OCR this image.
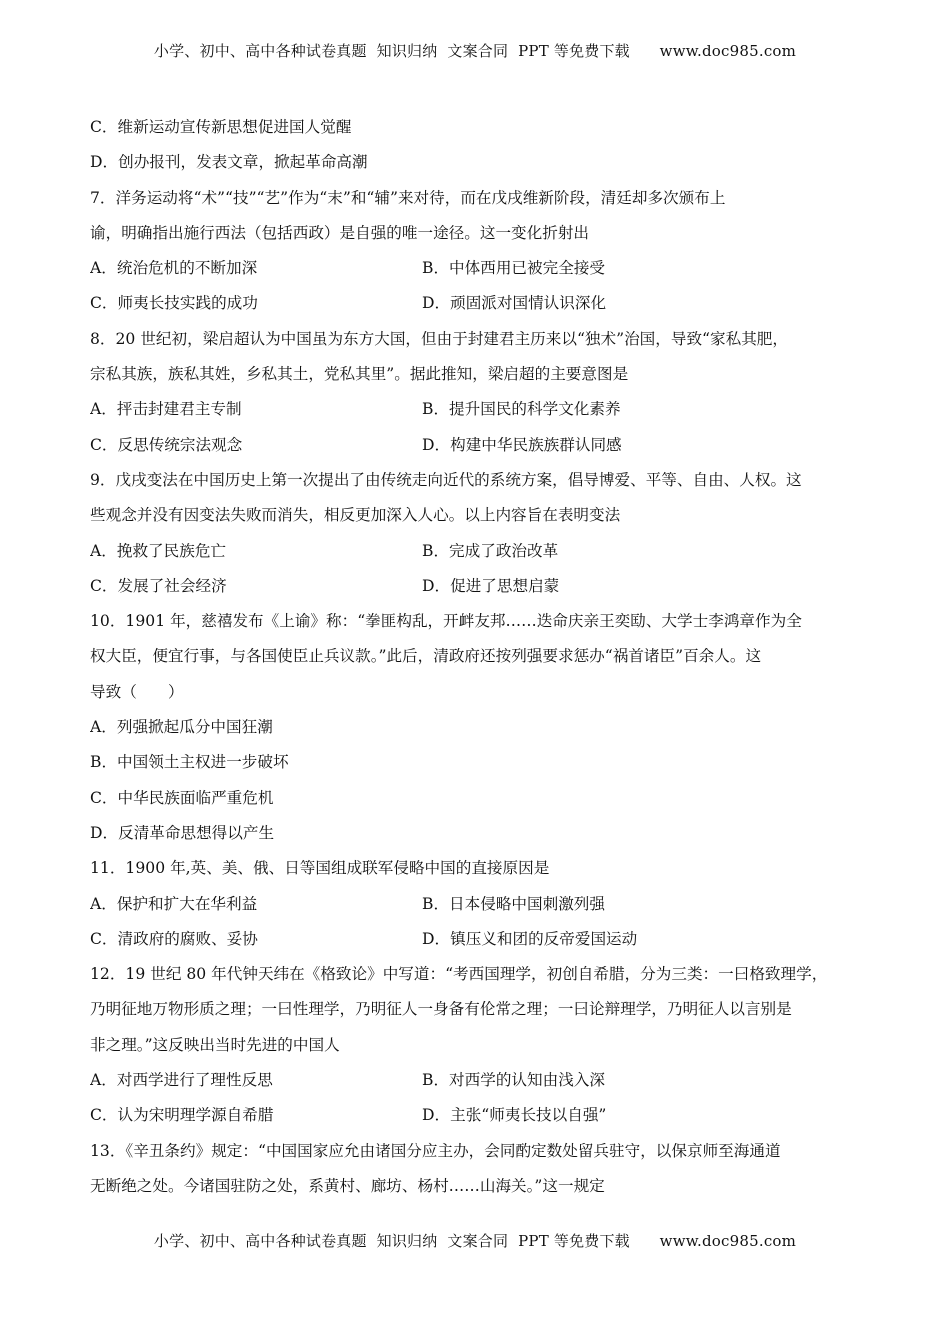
小学、初中、高中各种试卷真题  知识归纳  文案合同  PPT 等免费下载      www.doc985.com
C．维新运动宣传新思想促进国人觉醒
D．创办报刊，发表文章，掀起革命高潮
7．洋务运动将“术”“技”“艺”作为“末”和“辅”来对待，而在戊戌维新阶段，清廷却多次颁布上
谕，明确指出施行西法（包括西政）是自强的唯一途径。这一变化折射出
A．统治危机的不断加深	B．中体西用已被完全接受
C．师夷长技实践的成功	D．顽固派对国情认识深化
8．20 世纪初，梁启超认为中国虽为东方大国，但由于封建君主历来以“独术”治国，导致“家私其肥，
宗私其族，族私其姓，乡私其土，党私其里”。据此推知，梁启超的主要意图是
A．抨击封建君主专制	B．提升国民的科学文化素养
C．反思传统宗法观念	D．构建中华民族族群认同感
9．戊戌变法在中国历史上第一次提出了由传统走向近代的系统方案，倡导博爱、平等、自由、人权。这
些观念并没有因变法失败而消失，相反更加深入人心。以上内容旨在表明变法
A．挽救了民族危亡	B．完成了政治改革
C．发展了社会经济	D．促进了思想启蒙
10．1901 年，慈禧发布《上谕》称：“拳匪构乱，开衅友邦……迭命庆亲王奕劻、大学士李鸿章作为全
权大臣，便宜行事，与各国使臣止兵议款。”此后，清政府还按列强要求惩办“祸首诸臣”百余人。这
导致（　　）
A．列强掀起瓜分中国狂潮
B．中国领土主权进一步破坏
C．中华民族面临严重危机
D．反清革命思想得以产生
11．1900 年,英、美、俄、日等国组成联军侵略中国的直接原因是
A．保护和扩大在华利益	B．日本侵略中国刺激列强
C．清政府的腐败、妥协	D．镇压义和团的反帝爱国运动
12．19 世纪 80 年代钟天纬在《格致论》中写道：“考西国理学，初创自希腊，分为三类：一曰格致理学，
乃明征地万物形质之理；一曰性理学，乃明征人一身备有伦常之理；一曰论辩理学，乃明征人以言别是
非之理。”这反映出当时先进的中国人
A．对西学进行了理性反思	B．对西学的认知由浅入深
C．认为宋明理学源自希腊	D．主张“师夷长技以自强”
13．《辛丑条约》规定：“中国国家应允由诸国分应主办，会同酌定数处留兵驻守，以保京师至海通道
无断绝之处。今诸国驻防之处，系黄村、廊坊、杨村……山海关。”这一规定
小学、初中、高中各种试卷真题  知识归纳  文案合同  PPT 等免费下载      www.doc985.com
